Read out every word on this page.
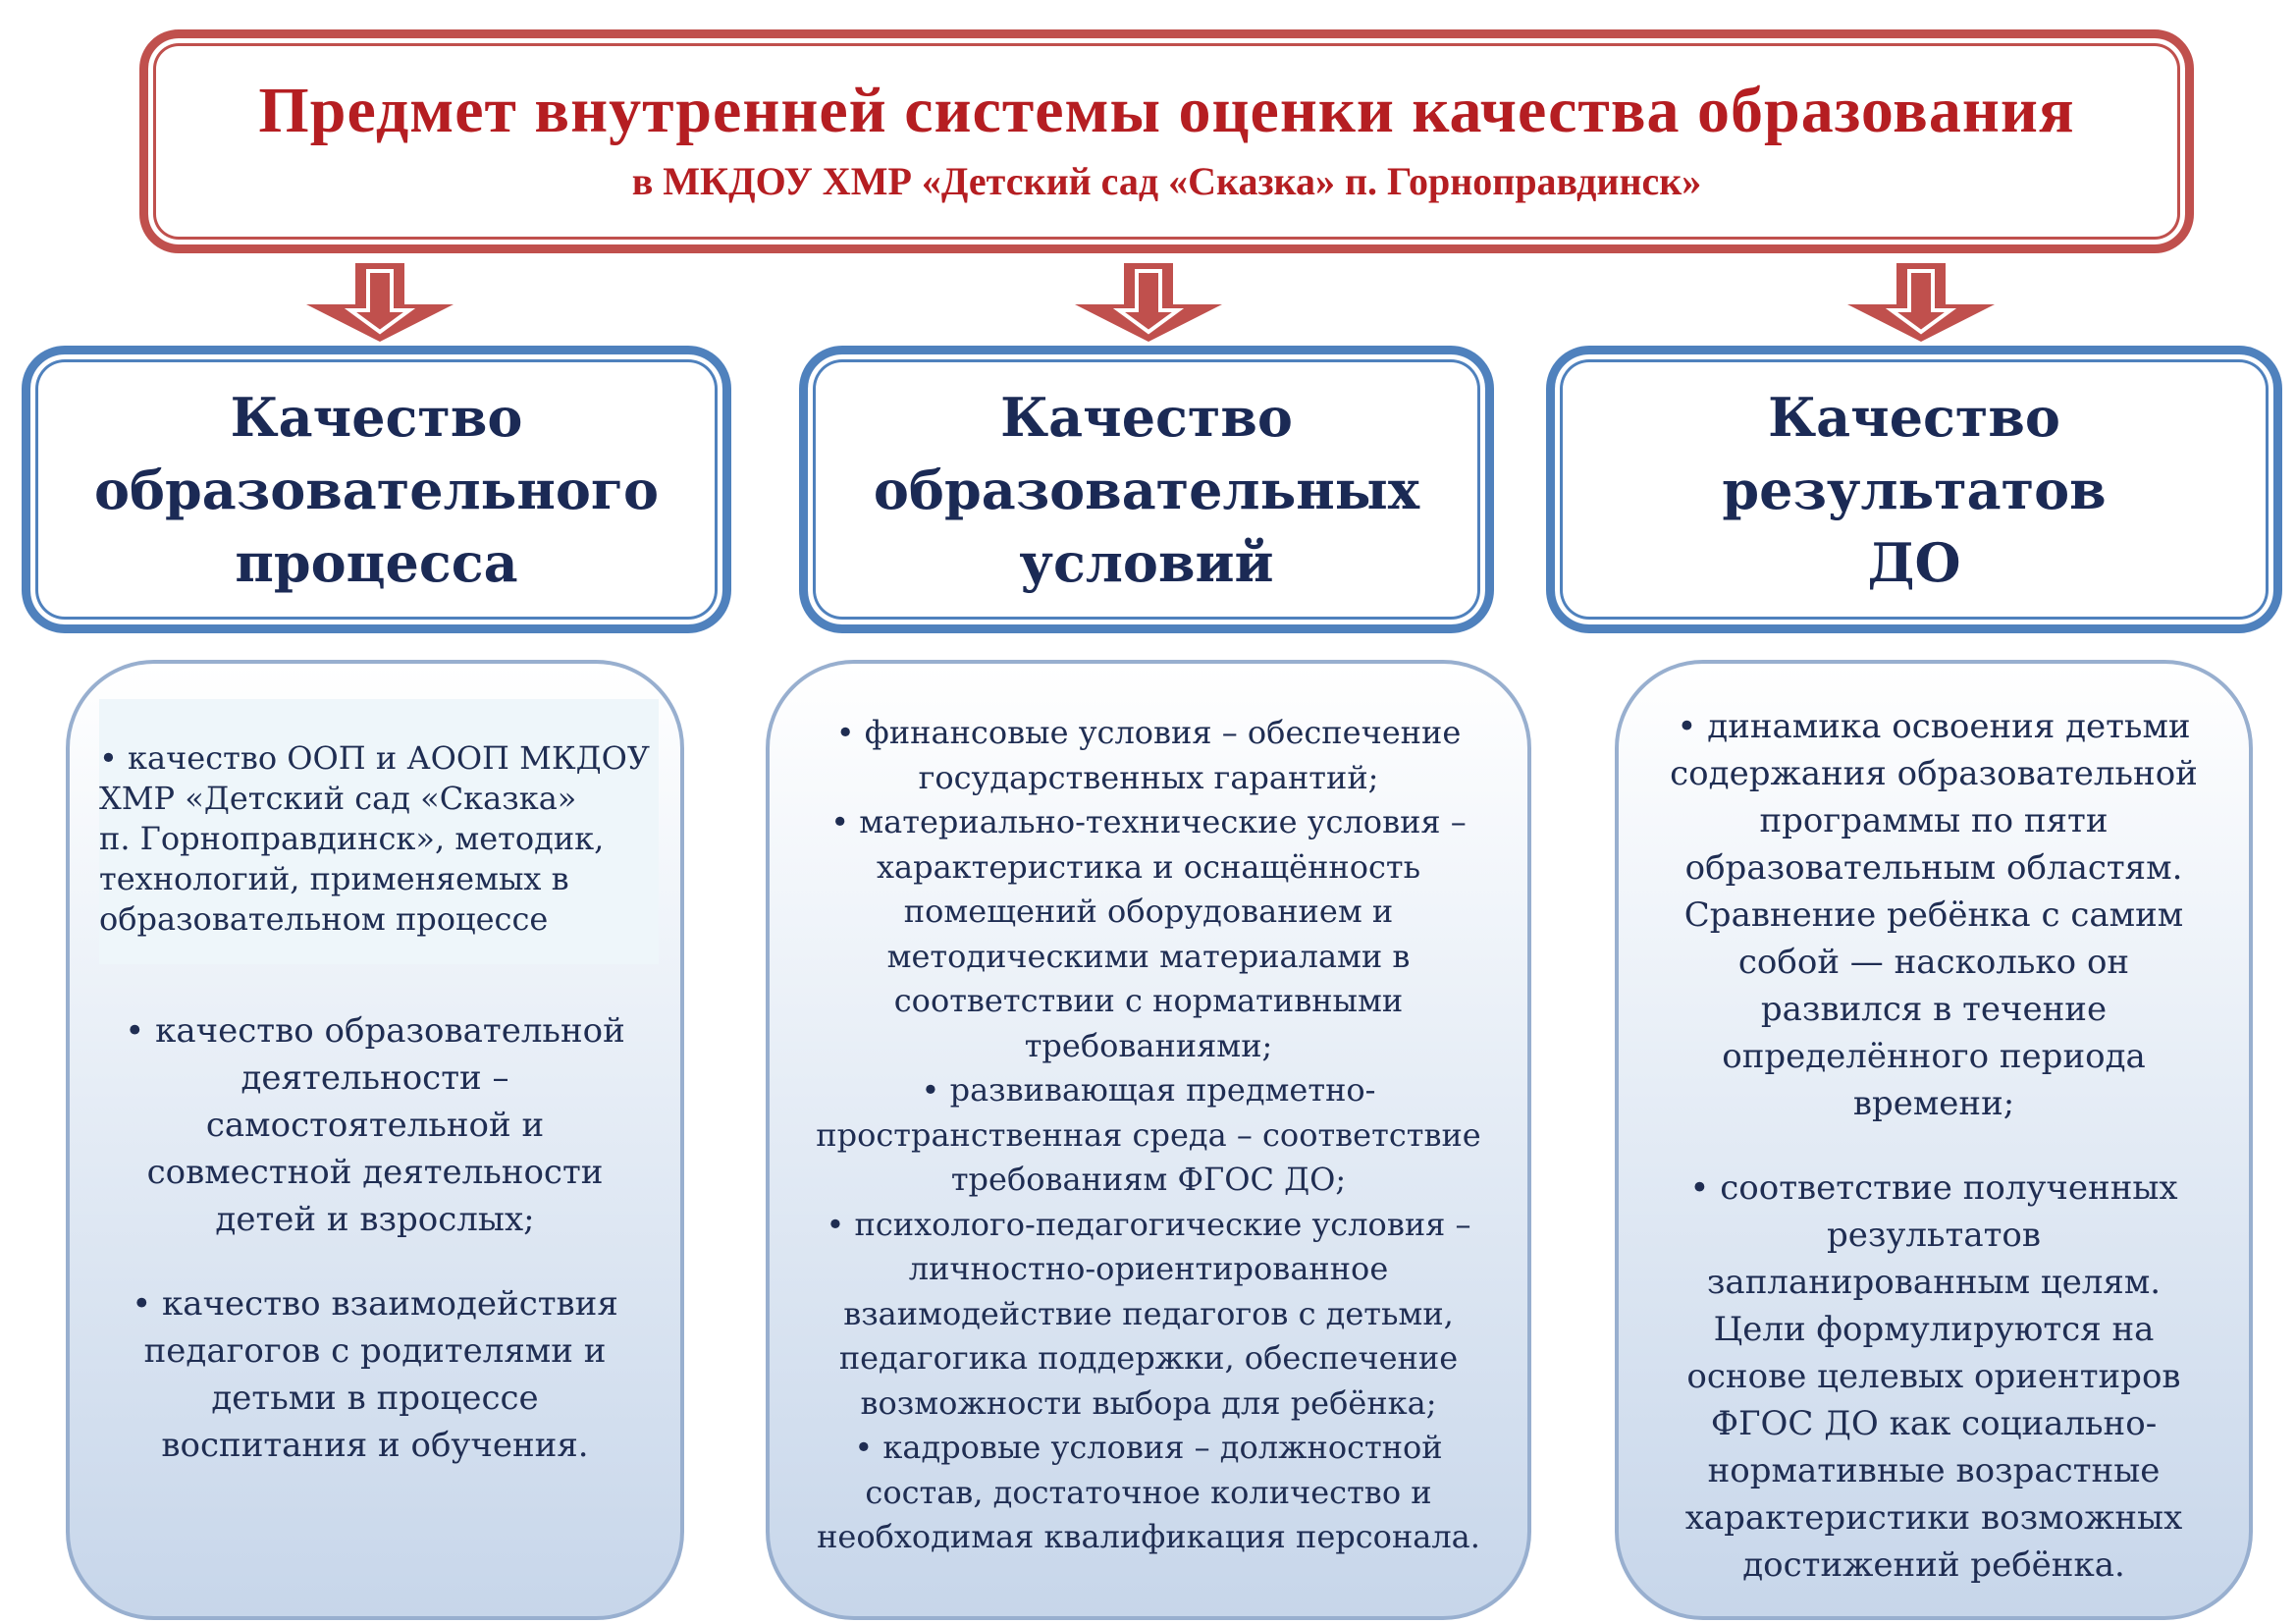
Предмет внутренней системы оценки качества образования
в МКДОУ ХМР «Детский сад «Сказка» п. Горноправдинск»
Качество
образовательного
процесса
Качество
образовательных
условий
Качество
результатов
ДО
• качество ООП и АООП МКДОУ
ХМР «Детский сад «Сказка»
п. Горноправдинск», методик,
технологий, применяемых в
образовательном процессе
• качество образовательной
деятельности –
самостоятельной и
совместной деятельности
детей и взрослых;
• качество взаимодействия
педагогов с родителями и
детьми в процессе
воспитания и обучения.
• финансовые условия – обеспечение
государственных гарантий;
• материально-технические условия –
характеристика и оснащённость
помещений оборудованием и
методическими материалами в
соответствии с нормативными
требованиями;
• развивающая предметно-
пространственная среда – соответствие
требованиям ФГОС ДО;
• психолого-педагогические условия –
личностно-ориентированное
взаимодействие педагогов с детьми,
педагогика поддержки, обеспечение
возможности выбора для ребёнка;
• кадровые условия – должностной
состав, достаточное количество и
необходимая квалификация персонала.
• динамика освоения детьми
содержания образовательной
программы по пяти
образовательным областям.
Сравнение ребёнка с самим
собой — насколько он
развился в течение
определённого периода
времени;
• соответствие полученных
результатов
запланированным целям.
Цели формулируются на
основе целевых ориентиров
ФГОС ДО как социально-
нормативные возрастные
характеристики возможных
достижений ребёнка.
